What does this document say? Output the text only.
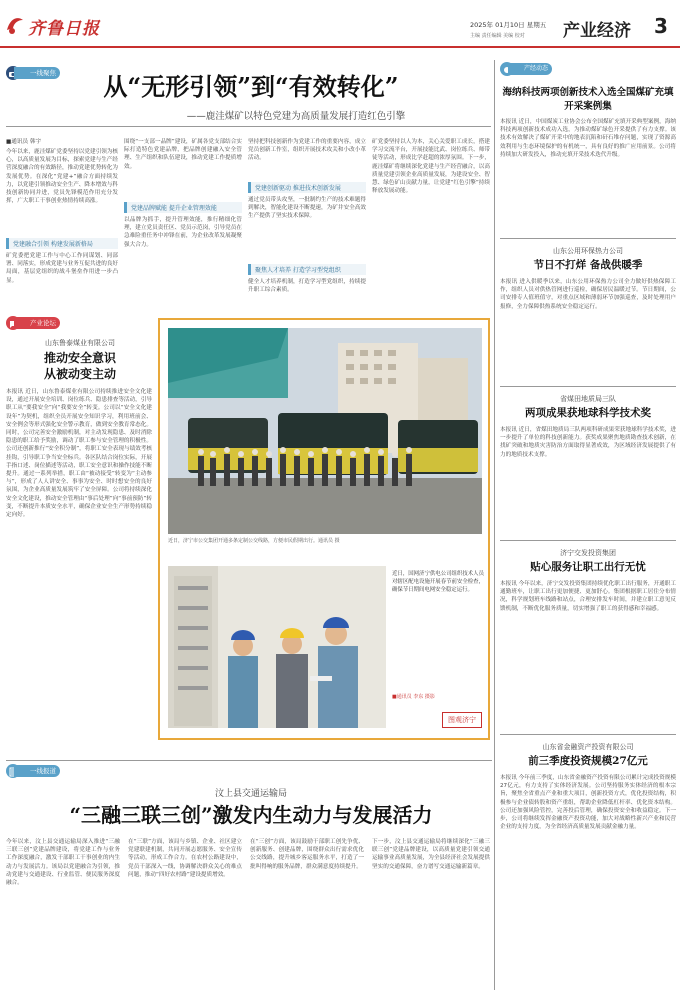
齐鲁日报	2025年 01月10日 星期五
主编 责任编辑 美编 校对 产业经济 3
一线聚焦	从“无形引领”到“有效转化”
——鹿洼煤矿以特色党建为高质量发展打造红色引擎
■通讯员 韩宇
今年以来，鹿洼煤矿党委坚持以党建引领为核心，以高质量发展为目标，探索党建与生产经营深度融合的有效路径，推动党建优势转化为发展优势。在深化“党建+”融合方面持续发力，以党建引领推动安全生产、降本增效与科技创新协同并进，党员先锋模范作用充分发挥，广大职工干事创业热情持续高涨。
党建融合引领 构建发展新格局
矿党委把党建工作与中心工作同谋划、同部署、同落实，形成党建与业务互促共进的良好局面，基层党组织的战斗堡垒作用进一步凸显。
围绕“一支部一品牌”建设，矿属各党支部结合实际打造特色党建品牌，把品牌创建融入安全管理、生产组织和队伍建设，推动党建工作提质增效。
党建品牌赋能 提升企业管理效能
以品牌为抓手，提升管理效能，推行精细化管理，建立党员责任区、党员示范岗，引导党员在急难险重任务中冲锋在前，为企业改革发展凝聚强大合力。
坚持把科技创新作为党建工作的重要内容，成立党员创新工作室，组织开展技术攻关和小改小革活动。
党建创新驱动 推进技术创新发展
通过党员带头攻坚，一批制约生产的技术难题得到解决，智能化建设不断提速，为矿井安全高效生产提供了坚实技术保障。
聚焦人才培养 打造学习型党组织
健全人才培养机制，打造学习型党组织，持续提升职工综合素质。
矿党委坚持以人为本，关心关爱职工成长，搭建学习交流平台，开展技能比武、岗位练兵、师带徒等活动，形成比学赶超的浓厚氛围。下一步，鹿洼煤矿将继续深化党建与生产经营融合，以高质量党建引领企业高质量发展，为建设安全、智慧、绿色矿山贡献力量，让党建“红色引擎”持续释放发展动能。
产业论坛
山东鲁泰煤业有限公司
推动安全意识
从被动变主动
本报讯 近日，山东鲁泰煤业有限公司持续推进安全文化建设，通过开展安全培训、岗位练兵、隐患排查等活动，引导职工从“要我安全”向“我要安全”转变。公司以“安全文化建设年”为契机，组织全员开展安全知识学习，利用班前会、安全例会等形式强化安全警示教育，做到安全教育常态化。同时，公司完善安全激励机制，对主动发现隐患、及时消除隐患的职工给予奖励，调动了职工参与安全管理的积极性。公司还创新推行“安全积分制”，将职工安全表现与绩效考核挂钩，引导职工争当安全标兵。各区队结合岗位实际，开展手指口述、岗位描述等活动，职工安全意识和操作技能不断提升。通过一系列举措，职工由“被动接受”转变为“主动参与”，形成了人人讲安全、事事为安全、时时想安全的良好氛围，为企业高质量发展筑牢了安全屏障。公司将持续深化安全文化建设，推动安全管理由“事后处理”向“事前预防”转变，不断提升本质安全水平，确保企业安全生产形势持续稳定向好。
近日，济宁市公交集团开通多条定制公交线路，方便市民假期出行。通讯员 摄
近日，国网济宁供电公司组织技术人员对辖区配电设施开展春节前安全检查，确保节日期间电网安全稳定运行。
■通讯员 李东 摄影
图观济宁
一线报道
汶上县交通运输局
“三融三联三创”激发内生动力与发展活力
今年以来，汶上县交通运输局深入推进“三融三联三创”党建品牌建设，将党建工作与业务工作深度融合，激发干部职工干事创业的内生动力与发展活力。该局以党建融合为引领，推动党建与交通建设、行业监管、便民服务深度融合。
在“三联”方面，该局与乡镇、企业、社区建立党建联建机制，共同开展志愿服务、安全宣传等活动，形成工作合力。在农村公路建设中，党员干部深入一线，协调解决群众关心的难点问题，推动“四好农村路”建设提质增效。
在“三创”方面，该局鼓励干部职工创先争优、创新服务、创建品牌，围绕群众出行需求优化公交线路，提升城乡客运服务水平，打造了一批叫得响的服务品牌，群众满意度持续提升。
下一步，汶上县交通运输局将继续深化“三融三联三创”党建品牌建设，以高质量党建引领交通运输事业高质量发展，为全县经济社会发展提供坚实的交通保障，奋力谱写交通运输新篇章。
产经动态
海纳科技两项创新技术入选全国煤矿充填开采案例集
本报讯 近日，中国煤炭工业协会公布全国煤矿充填开采典型案例，海纳科技两项创新技术成功入选，为推动煤矿绿色开采提供了有力支撑。该技术有效解决了煤矿开采中的地表沉陷和矸石堆存问题，实现了资源高效利用与生态环境保护的有机统一，具有良好的推广应用前景。公司将持续加大研发投入，推动充填开采技术迭代升级。
山东公用环保热力公司
节日不打烊 备战供暖季
本报讯 进入供暖季以来，山东公用环保热力公司全力做好供热保障工作，组织人员对供热管网进行巡检，确保居民温暖过节。节日期间，公司安排专人值班值守，对重点区域和薄弱环节加强巡查，及时处理用户报修，全力保障供热系统安全稳定运行。
省煤田地质局三队
两项成果获地球科学技术奖
本报讯 近日，省煤田地质局三队两项科研成果荣获地球科学技术奖，进一步提升了单位的科技创新能力。获奖成果聚焦地质勘查技术创新，在找矿突破和地质灾害防治方面取得显著成效，为区域经济发展提供了有力的地质技术支撑。
济宁交发投资集团
贴心服务让职工出行无忧
本报讯 今年以来，济宁交发投资集团持续优化职工出行服务，开通职工通勤班车，让职工出行更加便捷、更加舒心。集团根据职工居住分布情况，科学规划班车线路和站点，合理安排发车时间，并建立职工意见反馈机制，不断优化服务质量，切实增强了职工的获得感和幸福感。
山东省金融资产投资有限公司
前三季度投资规模27亿元
本报讯 今年前三季度，山东省金融资产投资有限公司累计完成投资规模27亿元，有力支持了实体经济发展。公司坚持服务实体经济的根本宗旨，聚焦全省重点产业和重大项目，创新投资方式，优化投资结构，积极参与企业债转股和资产重组，帮助企业降低杠杆率、优化资本结构。公司还加强风险管控，完善投后管理，确保投资安全和收益稳定。下一步，公司将继续发挥金融资产投资功能，加大对战略性新兴产业和民营企业的支持力度，为全省经济高质量发展贡献金融力量。
